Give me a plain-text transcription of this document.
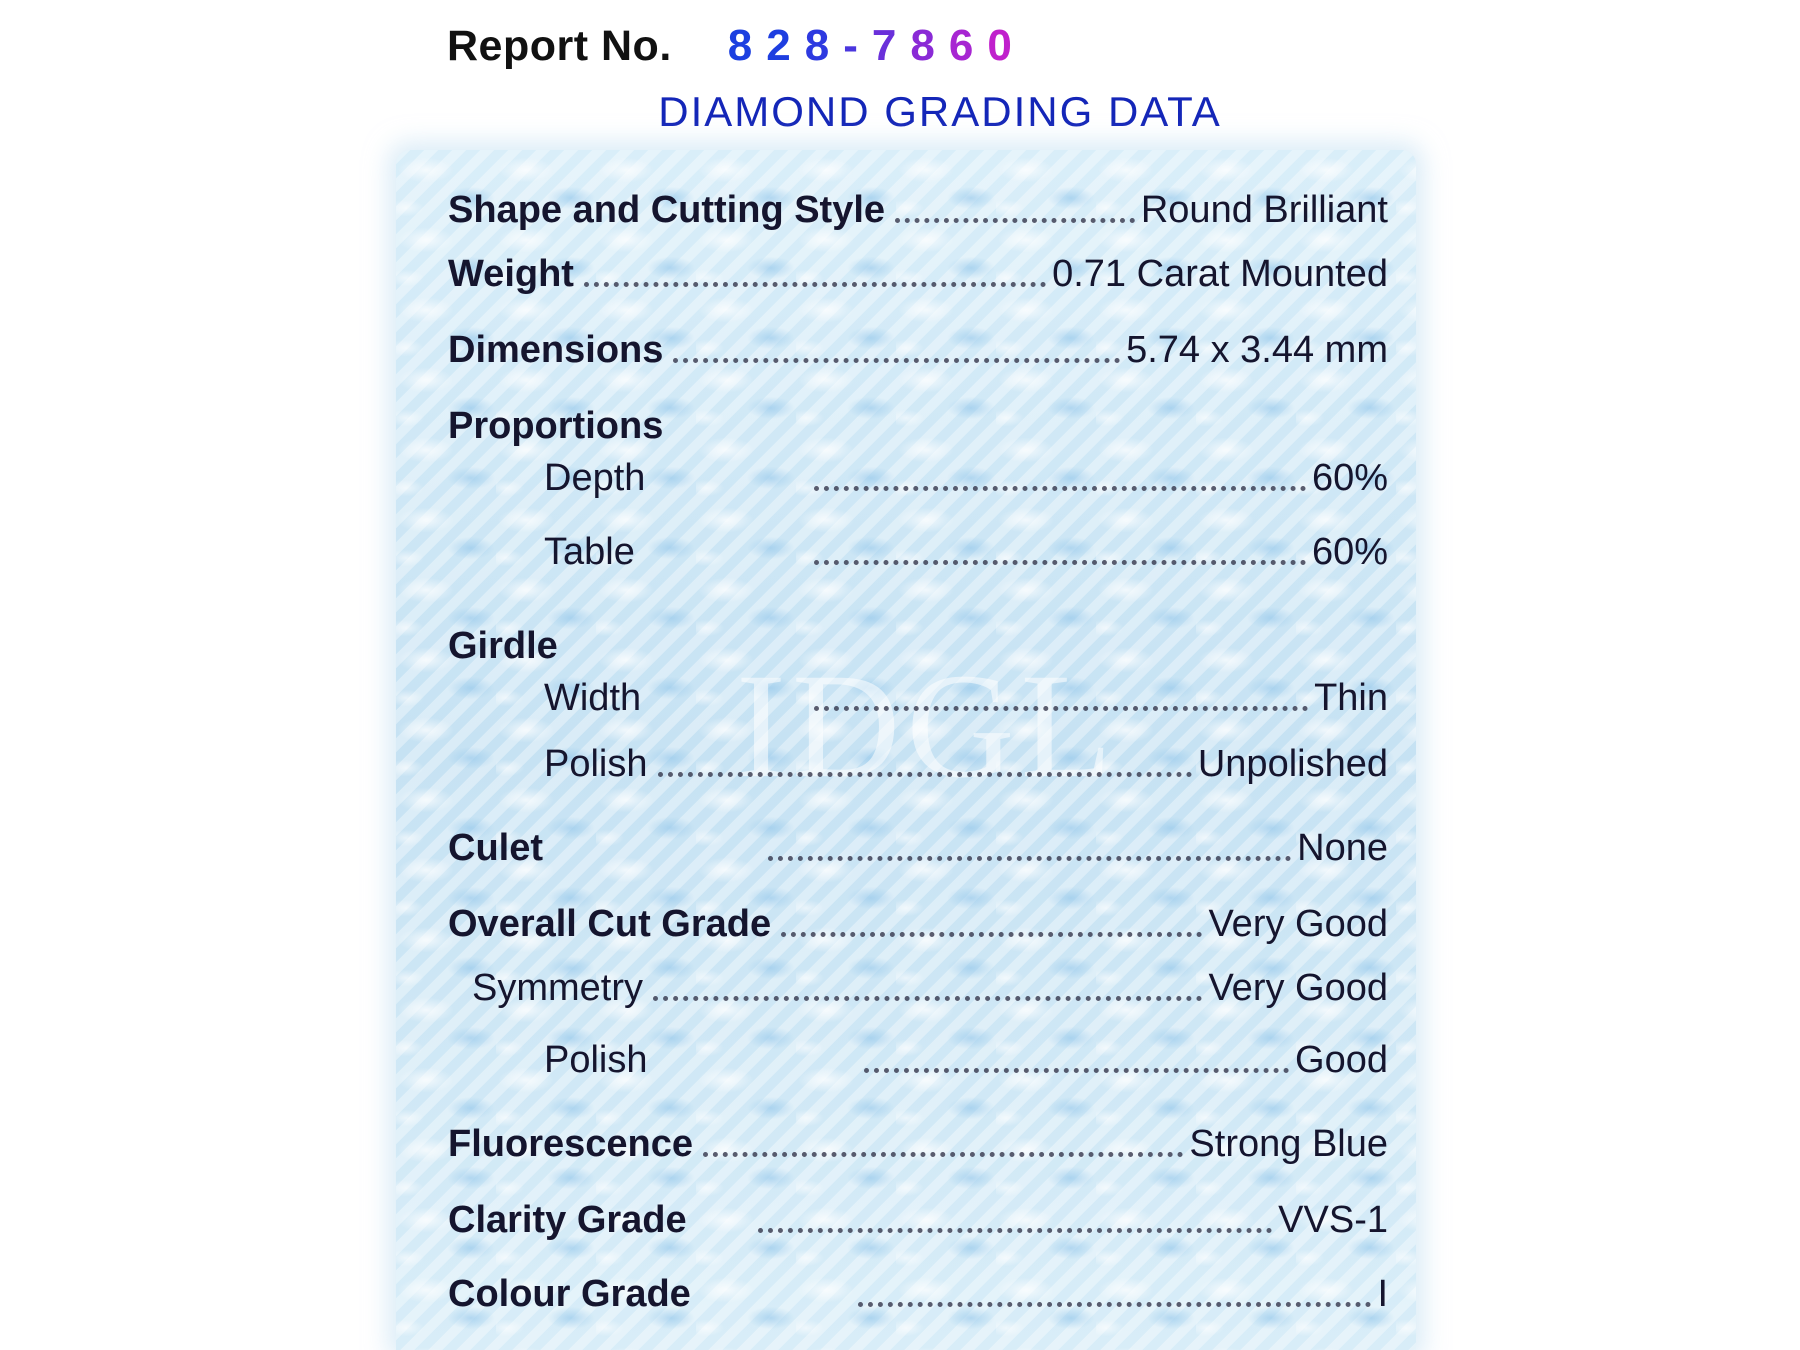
Report No. 8 2 8 - 7 8 6 0
DIAMOND GRADING DATA
IDGL
Shape and Cutting Style	Round Brilliant
Weight	0.71 Carat Mounted
Dimensions	5.74 x 3.44 mm
Proportions
Depth	60%
Table	60%
Girdle
Width	Thin
Polish	Unpolished
Culet	None
Overall Cut Grade	Very Good
Symmetry	Very Good
Polish	Good
Fluorescence	Strong Blue
Clarity Grade	VVS-1
Colour Grade	I
